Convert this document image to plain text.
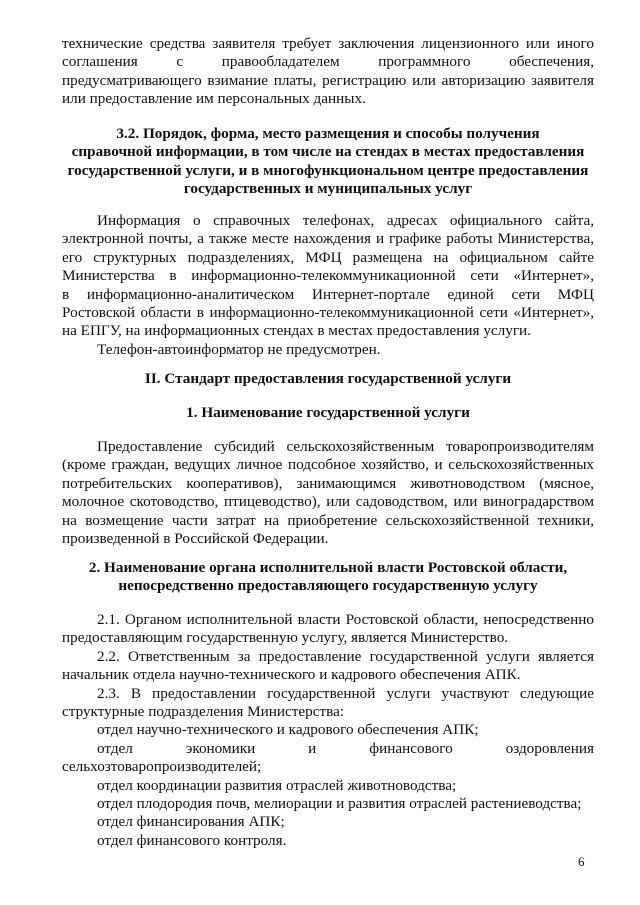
технические средства заявителя требует заключения лицензионного или иного
соглашения с правообладателем программного обеспечения,
предусматривающего взимание платы, регистрацию или авторизацию заявителя
или предоставление им персональных данных.
3.2. Порядок, форма, место размещения и способы получения
справочной информации, в том числе на стендах в местах предоставления
государственной услуги, и в многофункциональном центре предоставления
государственных и муниципальных услуг
Информация о справочных телефонах, адресах официального сайта,
электронной почты, а также месте нахождения и графике работы Министерства,
его структурных подразделениях, МФЦ размещена на официальном сайте
Министерства в информационно-телекоммуникационной сети «Интернет»,
в информационно-аналитическом Интернет-портале единой сети МФЦ
Ростовской области в информационно-телекоммуникационной сети «Интернет»,
на ЕПГУ, на информационных стендах в местах предоставления услуги.
Телефон-автоинформатор не предусмотрен.
II. Стандарт предоставления государственной услуги
1. Наименование государственной услуги
Предоставление субсидий сельскохозяйственным товаропроизводителям
(кроме граждан, ведущих личное подсобное хозяйство, и сельскохозяйственных
потребительских кооперативов), занимающимся животноводством (мясное,
молочное скотоводство, птицеводство), или садоводством, или виноградарством
на возмещение части затрат на приобретение сельскохозяйственной техники,
произведенной в Российской Федерации.
2. Наименование органа исполнительной власти Ростовской области,
непосредственно предоставляющего государственную услугу
2.1. Органом исполнительной власти Ростовской области, непосредственно
предоставляющим государственную услугу, является Министерство.
2.2. Ответственным за предоставление государственной услуги является
начальник отдела научно-технического и кадрового обеспечения АПК.
2.3. В предоставлении государственной услуги участвуют следующие
структурные подразделения Министерства:
отдел научно-технического и кадрового обеспечения АПК;
отдел экономики и финансового оздоровления
сельхозтоваропроизводителей;
отдел координации развития отраслей животноводства;
отдел плодородия почв, мелиорации и развития отраслей растениеводства;
отдел финансирования АПК;
отдел финансового контроля.
6
